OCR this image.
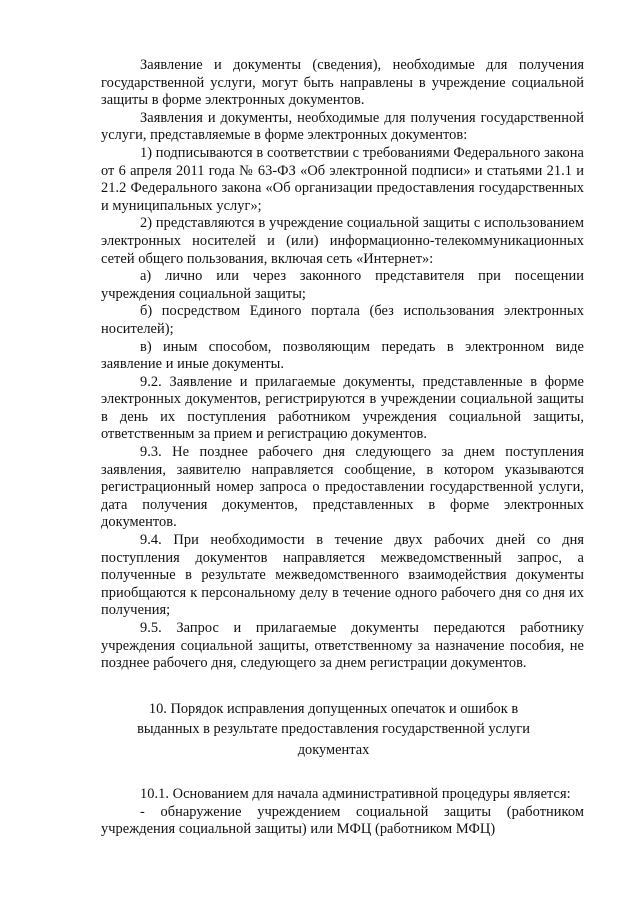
Заявление и документы (сведения), необходимые для получения государственной услуги, могут быть направлены в учреждение социальной защиты в форме электронных документов.

Заявления и документы, необходимые для получения государственной услуги, представляемые в форме электронных документов:

1) подписываются в соответствии с требованиями Федерального закона от 6 апреля 2011 года № 63-ФЗ «Об электронной подписи» и статьями 21.1 и 21.2 Федерального закона «Об организации предоставления государственных и муниципальных услуг»;

2) представляются в учреждение социальной защиты с использованием электронных носителей и (или) информационно-телекоммуникационных сетей общего пользования, включая сеть «Интернет»:

а) лично или через законного представителя при посещении учреждения социальной защиты;

б) посредством Единого портала (без использования электронных носителей);

в) иным способом, позволяющим передать в электронном виде заявление и иные документы.

9.2. Заявление и прилагаемые документы, представленные в форме электронных документов, регистрируются в учреждении социальной защиты в день их поступления работником учреждения социальной защиты, ответственным за прием и регистрацию документов.

9.3. Не позднее рабочего дня следующего за днем поступления заявления, заявителю направляется сообщение, в котором указываются регистрационный номер запроса о предоставлении государственной услуги, дата получения документов, представленных в форме электронных документов.

9.4. При необходимости в течение двух рабочих дней со дня поступления документов направляется межведомственный запрос, а полученные в результате межведомственного взаимодействия документы приобщаются к персональному делу в течение одного рабочего дня со дня их получения;

9.5. Запрос и прилагаемые документы передаются работнику учреждения социальной защиты, ответственному за назначение пособия, не позднее рабочего дня, следующего за днем регистрации документов.

10. Порядок исправления допущенных опечаток и ошибок в

выданных в результате предоставления государственной услуги

документах

10.1. Основанием для начала административной процедуры является:

- обнаружение учреждением социальной защиты (работником учреждения социальной защиты) или МФЦ (работником МФЦ)
